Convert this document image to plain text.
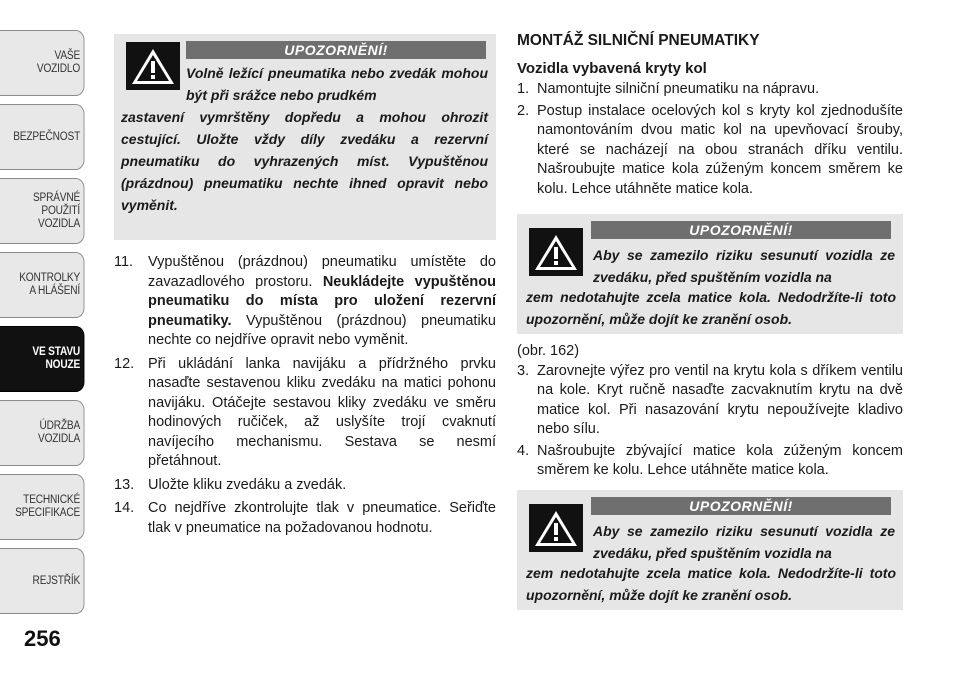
VAŠE
VOZIDLO
BEZPEČNOST
SPRÁVNÉ
POUŽITÍ
VOZIDLA
KONTROLKY
A HLÁŠENÍ
VE STAVU
NOUZE
ÚDRŽBA
VOZIDLA
TECHNICKÉ
SPECIFIKACE
REJSTŘÍK
256
UPOZORNĚNÍ!
Volně ležící pneumatika nebo zvedák mohou být při srážce nebo prudkém
zastavení vymrštěny dopředu a mohou ohrozit cestující. Uložte vždy díly zvedáku a rezervní pneumatiku do vyhrazených míst. Vypuštěnou (prázdnou) pneumatiku nechte ihned opravit nebo vyměnit.

11. Vypuštěnou (prázdnou) pneumatiku umístěte do zavazadlového prostoru. Neukládejte vypuštěnou pneumatiku do místa pro uložení rezervní pneumatiky. Vypuštěnou (prázdnou) pneumatiku nechte co nejdříve opravit nebo vyměnit.

12. Při ukládání lanka navijáku a přídržného prvku nasaďte sestavenou kliku zvedáku na matici pohonu navijáku. Otáčejte sestavou kliky zvedáku ve směru hodinových ručiček, až uslyšíte trojí cvaknutí navíjecího mechanismu. Sestava se nesmí přetáhnout.

13. Uložte kliku zvedáku a zvedák.

14. Co nejdříve zkontrolujte tlak v pneumatice. Seřiďte tlak v pneumatice na požadovanou hodnotu.

MONTÁŽ SILNIČNÍ PNEUMATIKY
Vozidla vybavená kryty kol

1. Namontujte silniční pneumatiku na nápravu.

2. Postup instalace ocelových kol s kryty kol zjednodušíte namontováním dvou matic kol na upevňovací šrouby, které se nacházejí na obou stranách dříku ventilu. Našroubujte matice kola zúženým koncem směrem ke kolu. Lehce utáhněte matice kola.

UPOZORNĚNÍ!
Aby se zamezilo riziku sesunutí vozidla ze zvedáku, před spuštěním vozidla na
zem nedotahujte zcela matice kola. Nedodržíte-li toto upozornění, může dojít ke zranění osob.
(obr. 162)

3. Zarovnejte výřez pro ventil na krytu kola s dříkem ventilu na kole. Kryt ručně nasaďte zacvaknutím krytu na dvě matice kol. Při nasazování krytu nepoužívejte kladivo nebo sílu.

4. Našroubujte zbývající matice kola zúženým koncem směrem ke kolu. Lehce utáhněte matice kola.

UPOZORNĚNÍ!
Aby se zamezilo riziku sesunutí vozidla ze zvedáku, před spuštěním vozidla na
zem nedotahujte zcela matice kola. Nedodržíte-li toto upozornění, může dojít ke zranění osob.
